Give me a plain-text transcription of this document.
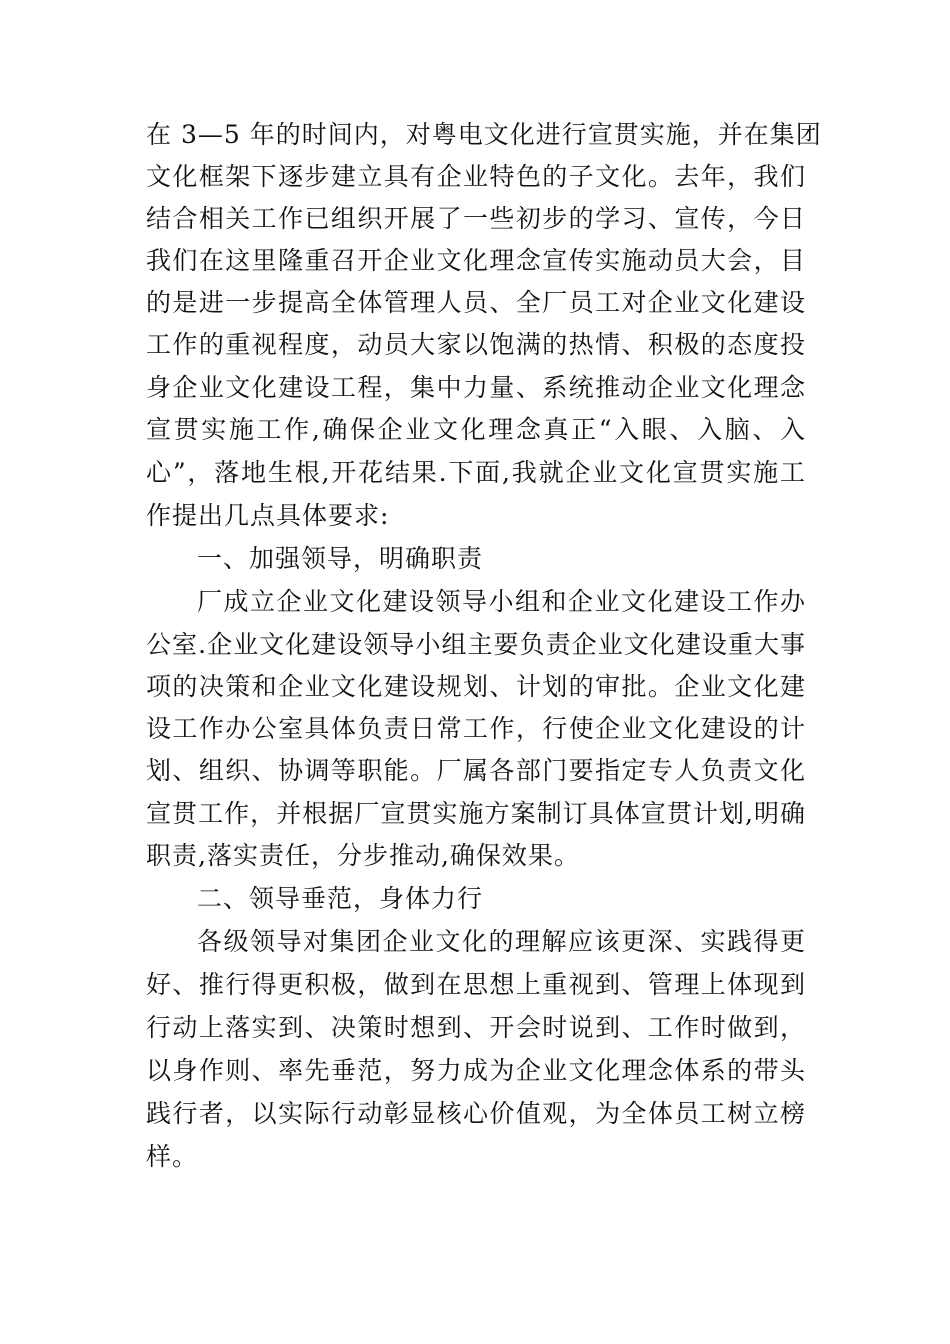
在 3—5 年的时间内，对粤电文化进行宣贯实施，并在集团
文化框架下逐步建立具有企业特色的子文化。去年，我们
结合相关工作已组织开展了一些初步的学习、宣传，今日
我们在这里隆重召开企业文化理念宣传实施动员大会，目
的是进一步提高全体管理人员、全厂员工对企业文化建设
工作的重视程度，动员大家以饱满的热情、积极的态度投
身企业文化建设工程，集中力量、系统推动企业文化理念
宣贯实施工作,确保企业文化理念真正“入眼、入脑、入
心”，落地生根,开花结果.下面,我就企业文化宣贯实施工
作提出几点具体要求:
一、加强领导，明确职责
厂成立企业文化建设领导小组和企业文化建设工作办
公室.企业文化建设领导小组主要负责企业文化建设重大事
项的决策和企业文化建设规划、计划的审批。企业文化建
设工作办公室具体负责日常工作，行使企业文化建设的计
划、组织、协调等职能。厂属各部门要指定专人负责文化
宣贯工作，并根据厂宣贯实施方案制订具体宣贯计划,明确
职责,落实责任，分步推动,确保效果。
二、领导垂范，身体力行
各级领导对集团企业文化的理解应该更深、实践得更
好、推行得更积极，做到在思想上重视到、管理上体现到
行动上落实到、决策时想到、开会时说到、工作时做到，
以身作则、率先垂范，努力成为企业文化理念体系的带头
践行者，以实际行动彰显核心价值观，为全体员工树立榜
样。
